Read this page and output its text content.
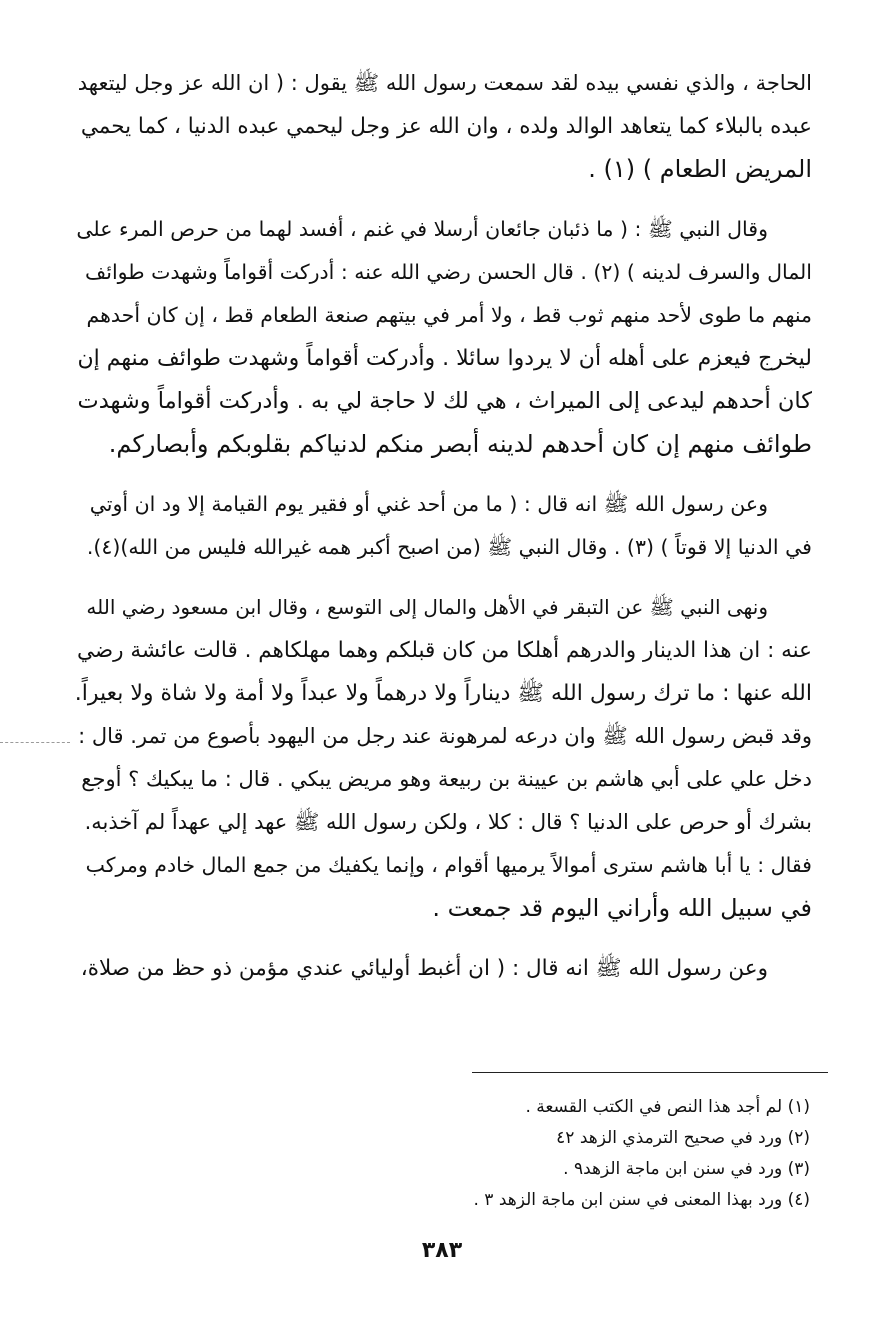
الحاجة ، والذي نفسي بيده لقد سمعت رسول الله ﷺ يقول : ( ان الله عز وجل ليتعهد
عبده بالبلاء كما يتعاهد الوالد ولده ، وان الله عز وجل ليحمي عبده الدنيا ، كما يحمي
المريض الطعام ) (١) .
وقال النبي ﷺ : ( ما ذئبان جائعان أرسلا في غنم ، أفسد لهما من حرص المرء على
المال والسرف لدينه ) (٢) . قال الحسن رضي الله عنه : أدركت أقواماً وشهدت طوائف
منهم ما طوى لأحد منهم ثوب قط ، ولا أمر في بيتهم صنعة الطعام قط ، إن كان أحدهم
ليخرج فيعزم على أهله أن لا يردوا سائلا . وأدركت أقواماً وشهدت طوائف منهم إن
كان أحدهم ليدعى إلى الميراث ، هي لك لا حاجة لي به . وأدركت أقواماً وشهدت
طوائف منهم إن كان أحدهم لدينه أبصر منكم لدنياكم بقلوبكم وأبصاركم.
وعن رسول الله ﷺ انه قال : ( ما من أحد غني أو فقير يوم القيامة إلا ود ان أوتي
في الدنيا إلا قوتاً ) (٣) . وقال النبي ﷺ (من اصبح أكبر همه غيرالله فليس من الله)(٤).
ونهى النبي ﷺ عن التبقر في الأهل والمال إلى التوسع ، وقال ابن مسعود رضي الله
عنه : ان هذا الدينار والدرهم أهلكا من كان قبلكم وهما مهلكاهم . قالت عائشة رضي
الله عنها : ما ترك رسول الله ﷺ ديناراً ولا درهماً ولا عبداً ولا أمة ولا شاة ولا بعيراً.
وقد قبض رسول الله ﷺ وان درعه لمرهونة عند رجل من اليهود بأصوع من تمر. قال :
دخل علي على أبي هاشم بن عيينة بن ربيعة وهو مريض يبكي . قال : ما يبكيك ؟ أوجع
بشرك أو حرص على الدنيا ؟ قال : كلا ، ولكن رسول الله ﷺ عهد إلي عهداً لم آخذبه.
فقال : يا أبا هاشم سترى أموالاً يرميها أقوام ، وإنما يكفيك من جمع المال خادم ومركب
في سبيل الله وأراني اليوم قد جمعت .
وعن رسول الله ﷺ انه قال : ( ان أغبط أوليائي عندي مؤمن ذو حظ من صلاة،
(١) لم أجد هذا النص في الكتب القسعة .
(٢) ورد في صحيح الترمذي الزهد ٤٢
(٣) ورد في سنن ابن ماجة الزهد٩ .
(٤) ورد بهذا المعنى في سنن ابن ماجة الزهد ٣ .
٣٨٣
